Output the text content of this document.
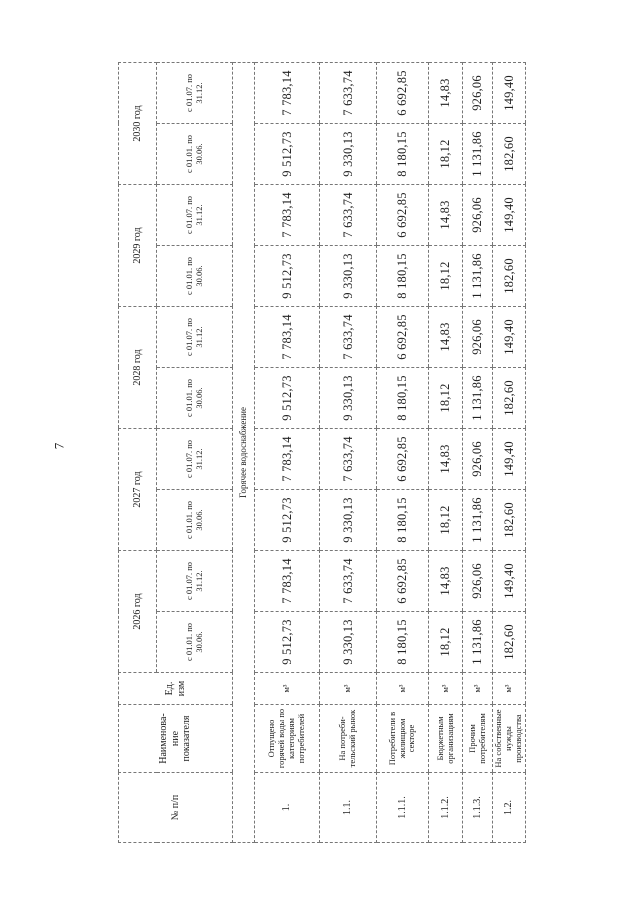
7
№ п/п	Наименова-ние показателя	Ед. изм	2026 год		2027 год		2028 год		2029 год		2030 год	
			с 01.01. по 30.06.	с 01.07. по 31.12.	с 01.01. по 30.06.	с 01.07. по 31.12.	с 01.01. по 30.06.	с 01.07. по 31.12.	с 01.01. по 30.06.	с 01.07. по 31.12.	с 01.01. по 30.06.	с 01.07. по 31.12.
Горячее водоснабжение												
1.	Отпущено горячей воды по категориям потребителей	м³	9 512,73	7 783,14	9 512,73	7 783,14	9 512,73	7 783,14	9 512,73	7 783,14	9 512,73	7 783,14
1.1.	На потреби-тельский рынок	м³	9 330,13	7 633,74	9 330,13	7 633,74	9 330,13	7 633,74	9 330,13	7 633,74	9 330,13	7 633,74
1.1.1.	Потребители в жилищном секторе	м³	8 180,15	6 692,85	8 180,15	6 692,85	8 180,15	6 692,85	8 180,15	6 692,85	8 180,15	6 692,85
1.1.2.	Бюджетным организациям	м³	18,12	14,83	18,12	14,83	18,12	14,83	18,12	14,83	18,12	14,83
1.1.3.	Прочим потребителям	м³	1 131,86	926,06	1 131,86	926,06	1 131,86	926,06	1 131,86	926,06	1 131,86	926,06
1.2.	На собственные нужды производства	м³	182,60	149,40	182,60	149,40	182,60	149,40	182,60	149,40	182,60	149,40
